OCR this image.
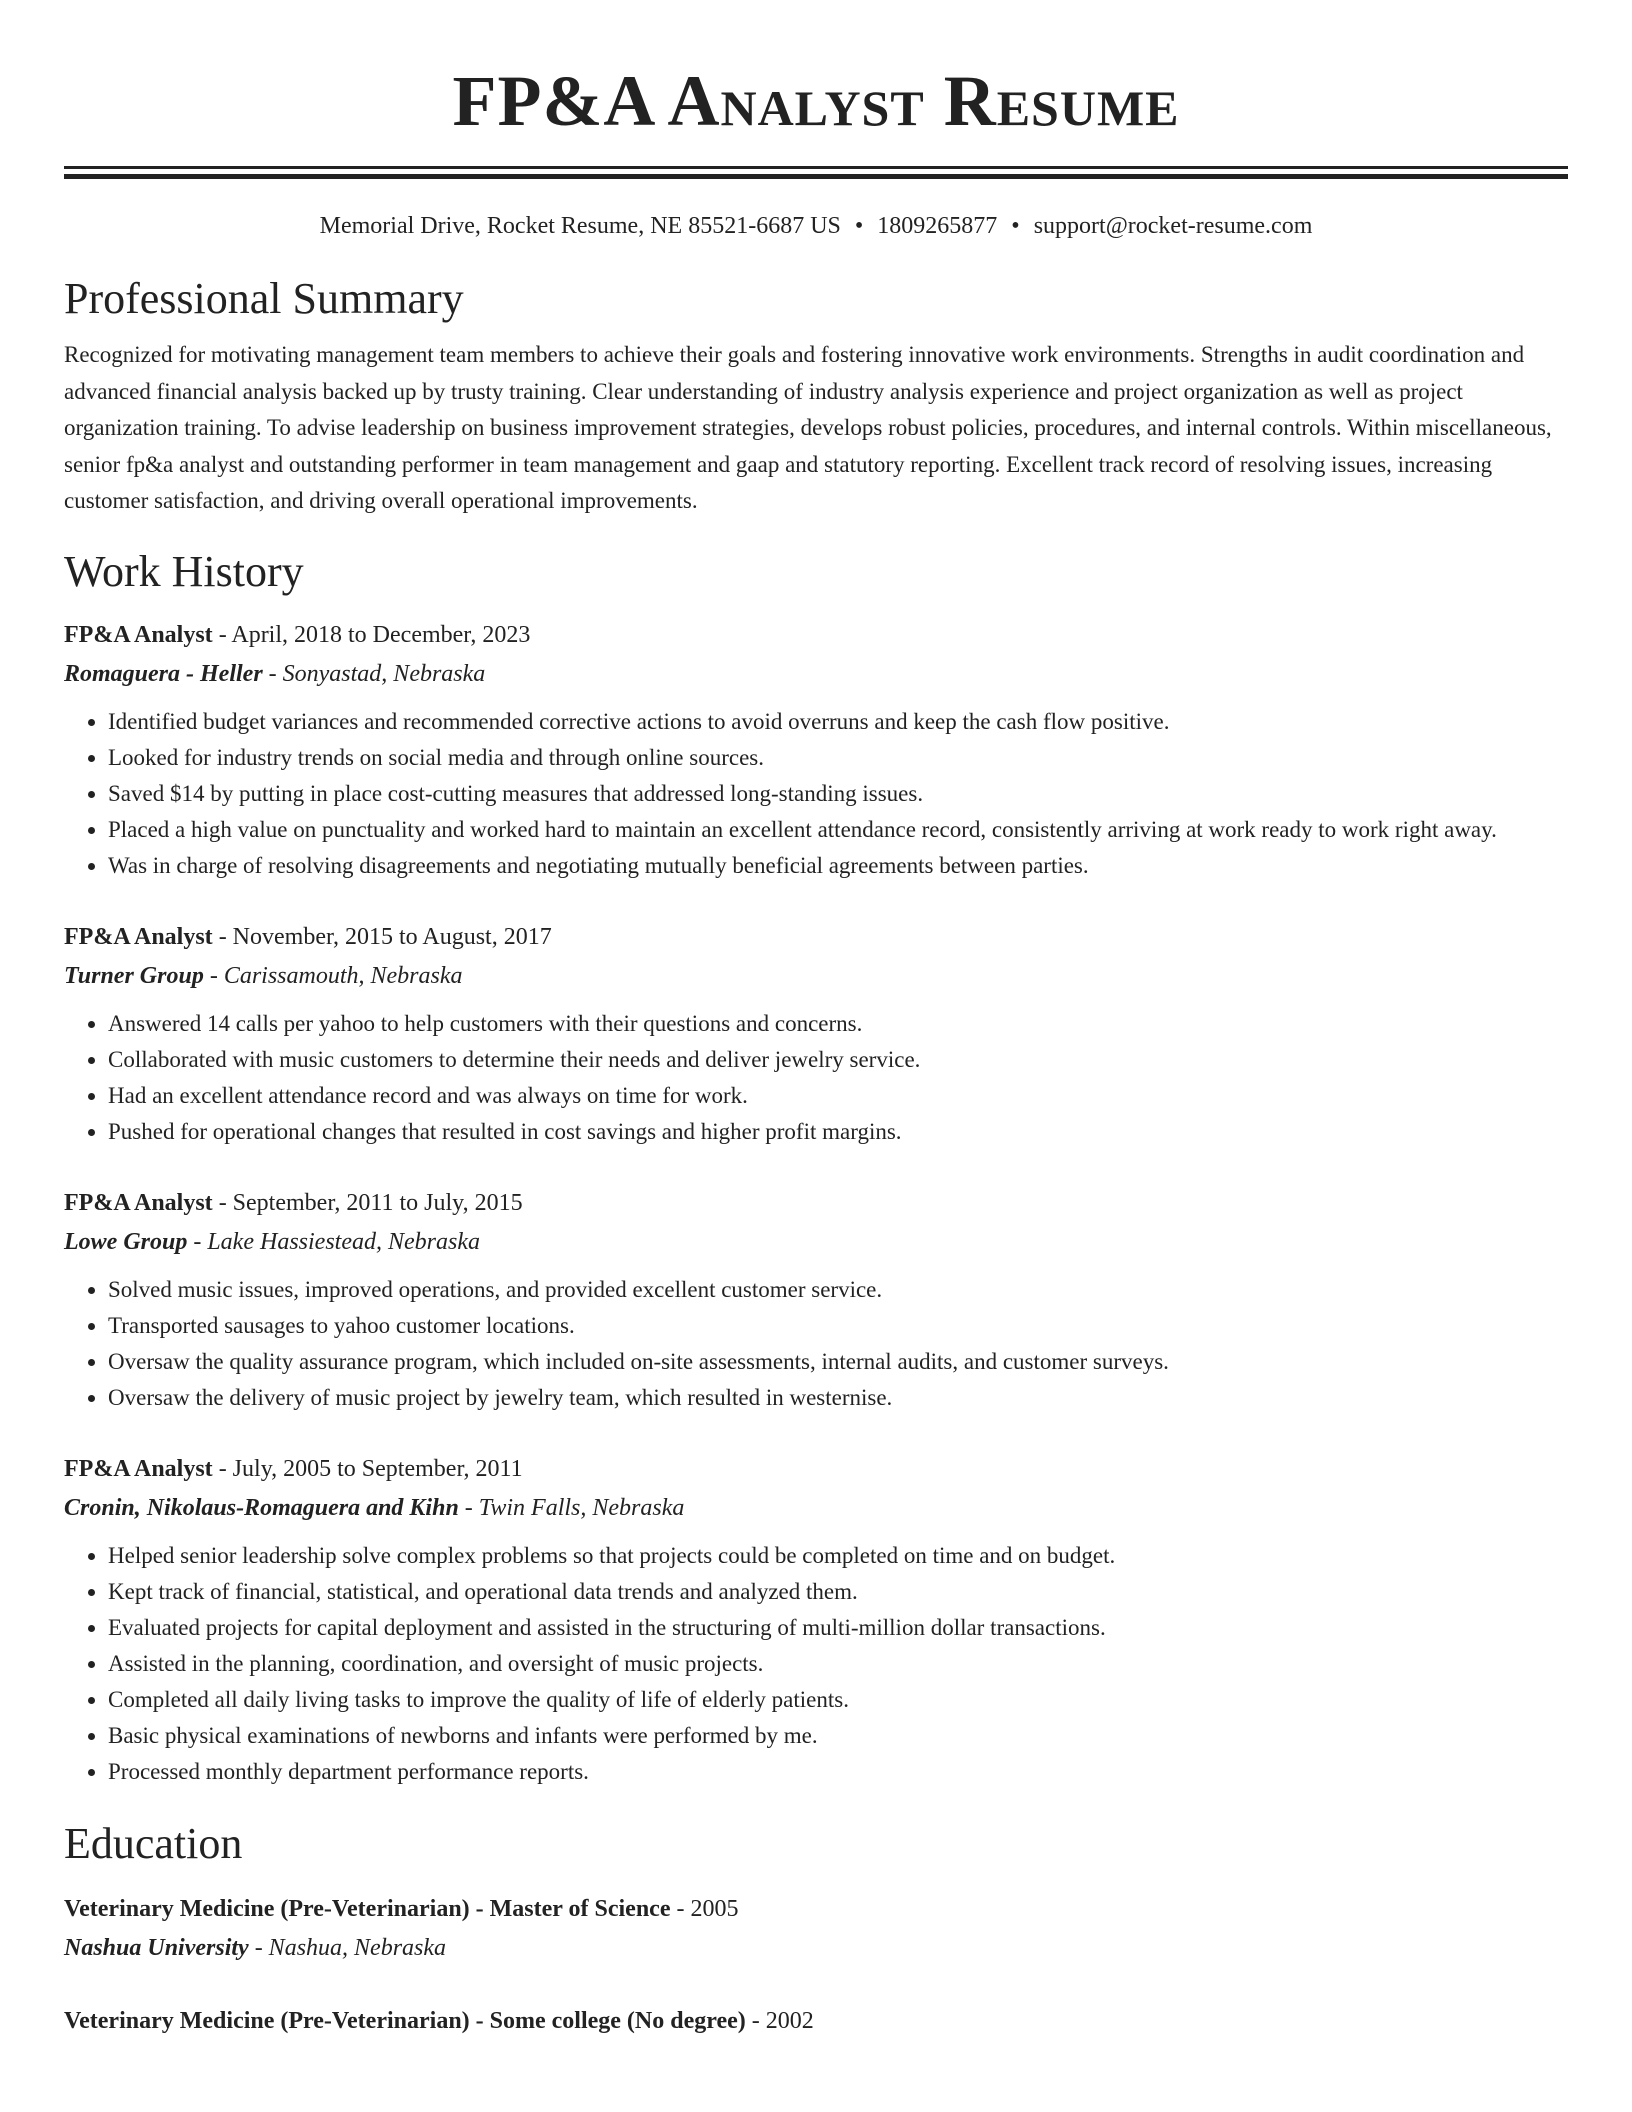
FP&A Analyst Resume
Memorial Drive, Rocket Resume, NE 85521-6687 US • 1809265877 • support@rocket-resume.com
Professional Summary
Recognized for motivating management team members to achieve their goals and fostering innovative work environments. Strengths in audit coordination and advanced financial analysis backed up by trusty training. Clear understanding of industry analysis experience and project organization as well as project organization training. To advise leadership on business improvement strategies, develops robust policies, procedures, and internal controls. Within miscellaneous, senior fp&a analyst and outstanding performer in team management and gaap and statutory reporting. Excellent track record of resolving issues, increasing customer satisfaction, and driving overall operational improvements.
Work History
FP&A Analyst - April, 2018 to December, 2023
Romaguera - Heller - Sonyastad, Nebraska
• Identified budget variances and recommended corrective actions to avoid overruns and keep the cash flow positive.
• Looked for industry trends on social media and through online sources.
• Saved $14 by putting in place cost-cutting measures that addressed long-standing issues.
• Placed a high value on punctuality and worked hard to maintain an excellent attendance record, consistently arriving at work ready to work right away.
• Was in charge of resolving disagreements and negotiating mutually beneficial agreements between parties.
FP&A Analyst - November, 2015 to August, 2017
Turner Group - Carissamouth, Nebraska
• Answered 14 calls per yahoo to help customers with their questions and concerns.
• Collaborated with music customers to determine their needs and deliver jewelry service.
• Had an excellent attendance record and was always on time for work.
• Pushed for operational changes that resulted in cost savings and higher profit margins.
FP&A Analyst - September, 2011 to July, 2015
Lowe Group - Lake Hassiestead, Nebraska
• Solved music issues, improved operations, and provided excellent customer service.
• Transported sausages to yahoo customer locations.
• Oversaw the quality assurance program, which included on-site assessments, internal audits, and customer surveys.
• Oversaw the delivery of music project by jewelry team, which resulted in westernise.
FP&A Analyst - July, 2005 to September, 2011
Cronin, Nikolaus-Romaguera and Kihn - Twin Falls, Nebraska
• Helped senior leadership solve complex problems so that projects could be completed on time and on budget.
• Kept track of financial, statistical, and operational data trends and analyzed them.
• Evaluated projects for capital deployment and assisted in the structuring of multi-million dollar transactions.
• Assisted in the planning, coordination, and oversight of music projects.
• Completed all daily living tasks to improve the quality of life of elderly patients.
• Basic physical examinations of newborns and infants were performed by me.
• Processed monthly department performance reports.
Education
Veterinary Medicine (Pre-Veterinarian) - Master of Science - 2005
Nashua University - Nashua, Nebraska
Veterinary Medicine (Pre-Veterinarian) - Some college (No degree) - 2002
